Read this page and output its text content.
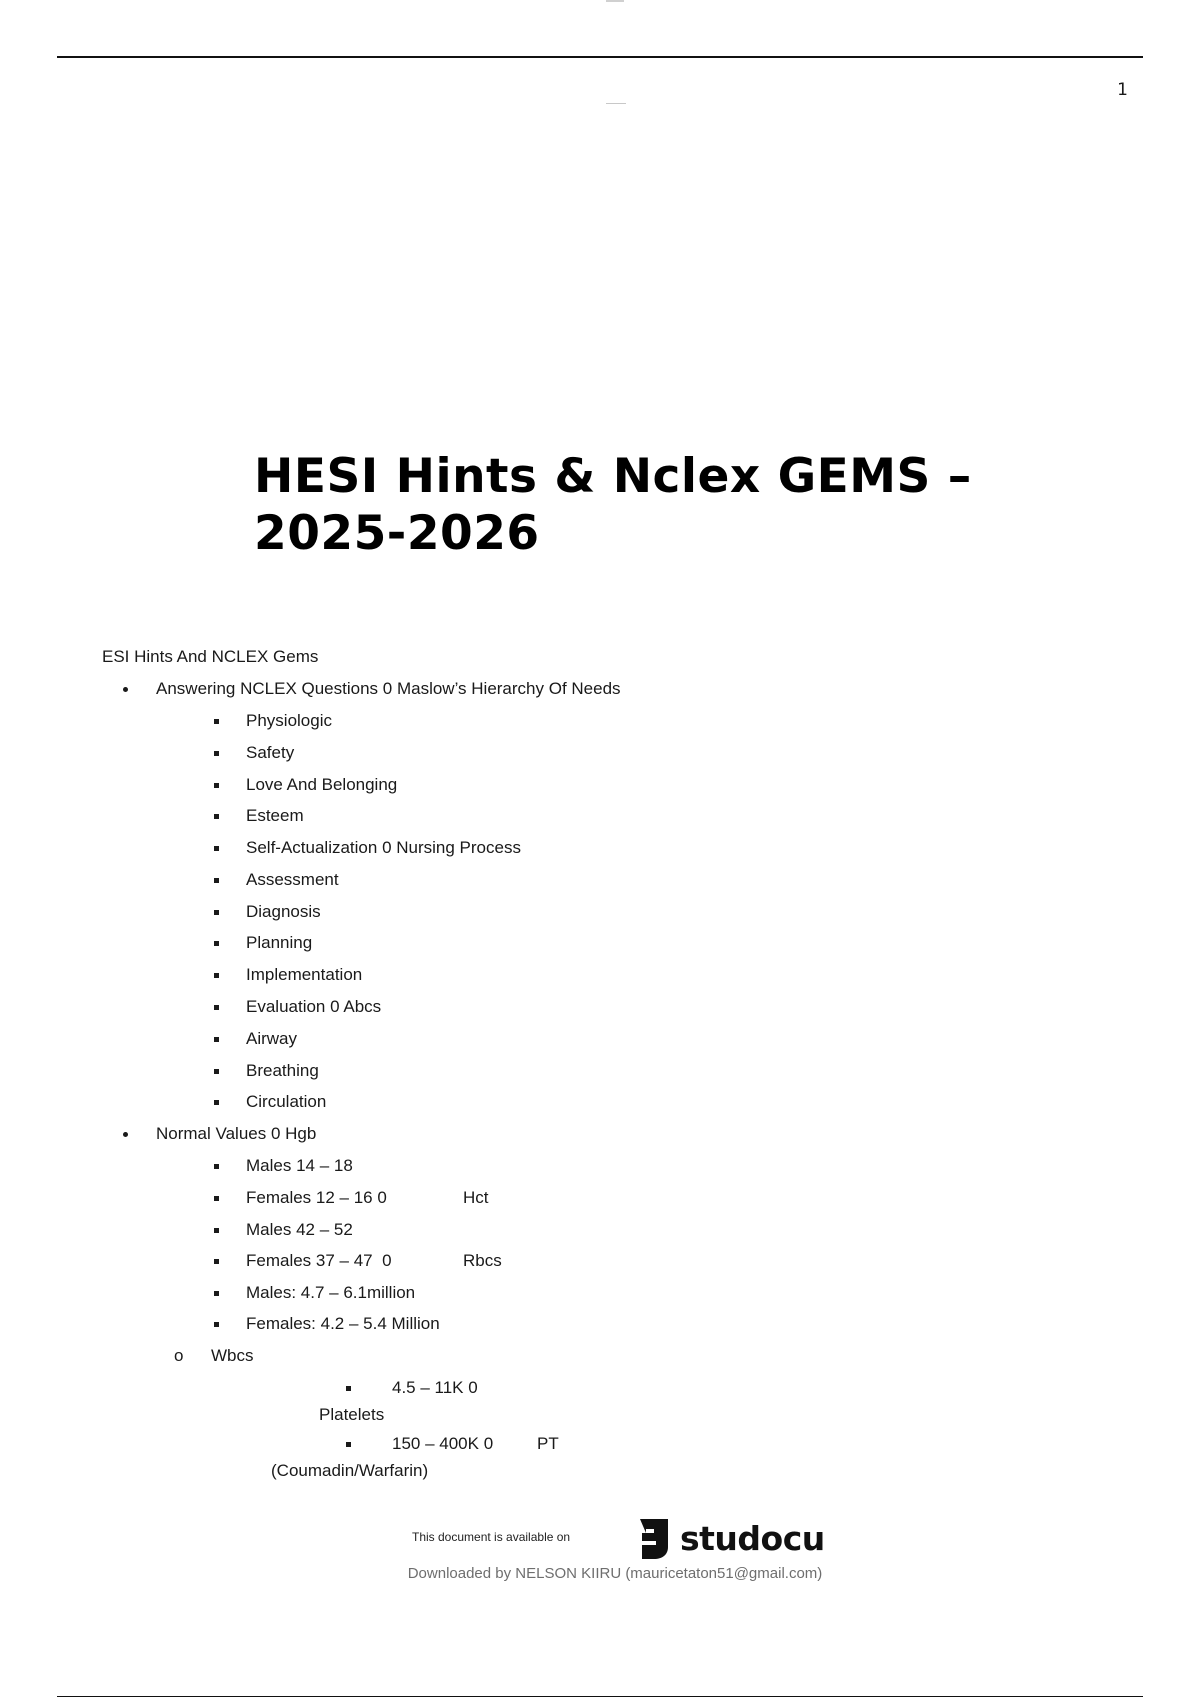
1
HESI Hints & Nclex GEMS – 2025-2026
ESI Hints And NCLEX Gems
Answering NCLEX Questions 0 Maslow’s Hierarchy Of Needs
Physiologic
Safety
Love And Belonging
Esteem
Self-Actualization 0 Nursing Process
Assessment
Diagnosis
Planning
Implementation
Evaluation 0 Abcs
Airway
Breathing
Circulation
Normal Values 0 Hgb
Males 14 – 18
Females 12 – 16 0	Hct
Males 42 – 52
Females 37 – 47  0	Rbcs
Males: 4.7 – 6.1million
Females: 4.2 – 5.4 Million
o Wbcs
4.5 – 11K 0
Platelets
150 – 400K 0	PT
(Coumadin/Warfarin)
This document is available on	studocu
Downloaded by NELSON KIIRU (mauricetaton51@gmail.com)
